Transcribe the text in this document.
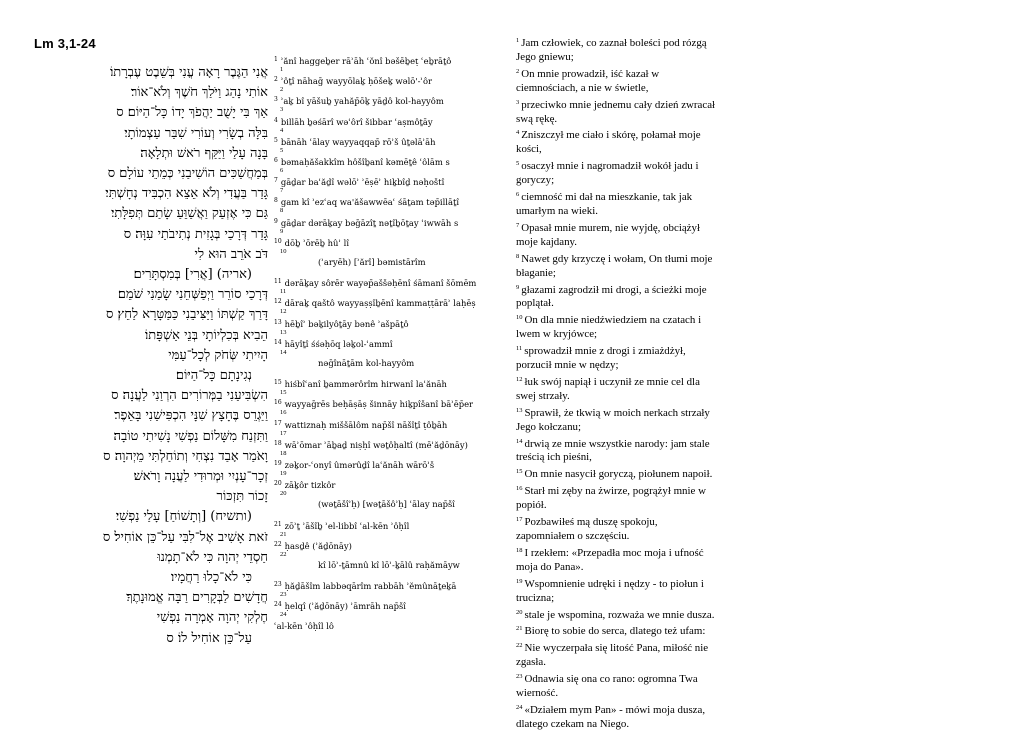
Lm 3,1-24
אֲנִי הַגֶּבֶר רָאָה עֳנִי בְּשֵׁבֶט עֶבְרָתוֹ׃ 1
אוֹתִי נָהַג וַיֹּלַךְ חֹשֶׁךְ וְלֹא־אוֹר׃ 2
אַךְ בִּי יָשֻׁב יַהֲפֹךְ יָדוֹ כָּל־הַיּוֹם׃ ס 3
בִּלָּה בְשָׂרִי וְעוֹרִי שִׁבַּר עַצְמוֹתָי׃ 4
בָּנָה עָלַי וַיַּקַּף רֹאשׁ וּתְלָאָה׃ 5
בְּמַחֲשַׁכִּים הוֹשִׁיבַנִי כְּמֵתֵי עוֹלָם׃ ס 6
גָּדַר בַּעֲדִי וְלֹא אֵצֵא הִכְבִּיד נְחָשְׁתִּי׃ 7
גַּם כִּי אֶזְעַק וַאֲשַׁוֵּעַ שָׂתַם תְּפִלָּתִי׃ 8
גָּדַר דְּרָכַי בְּגָזִית נְתִיבֹתַי עִוָּה׃ ס 9
דֹּב אֹרֵב הוּא לִי 10
(אריה) [אֲרִי] בְּמִסְתָּרִים׃
דְּרָכַי סוֹרֵר וַיְפַשְּׁחֵנִי שָׂמַנִי שֹׁמֵם׃ 11
דָּרַךְ קַשְׁתּוֹ וַיַּצִּיבֵנִי כַּמַּטָּרָא לַחֵץ׃ ס 12
הֵבִיא בְּכִלְיוֹתָי בְּנֵי אַשְׁפָּתוֹ׃ 13
הָיִיתִי שְּׂחֹק לְכָל־עַמִּי 14
נְגִינָתָם כָּל־הַיּוֹם׃
הִשְׂבִּיעַנִי בַמְּרוֹרִים הִרְוַנִי לַעֲנָה׃ ס 15
וַיַּגְרֵס בֶּחָצָץ שִׁנָּי הִכְפִּישַׁנִי בָּאֵפֶר׃ 16
וַתִּזְנַח מִשָּׁלוֹם נַפְשִׁי נָשִׁיתִי טוֹבָה׃ 17
וָאֹמַר אָבַד נִצְחִי וְתוֹחַלְתִּי מֵיְהוָה׃ ס 18
זְכָר־עָנְיִי וּמְרוּדִי לַעֲנָה וָרֹאשׁ׃ 19
זָכוֹר תִּזְכּוֹר 20
(ותשיח) [וְתָשׁוֹחַ] עָלַי נַפְשִׁי׃
זֹאת אָשִׁיב אֶל־לִבִּי עַל־כֵּן אוֹחִיל׃ ס 21
חַסְדֵי יְהוָה כִּי לֹא־תָמְנוּ 22
כִּי לֹא־כָלוּ רַחֲמָיו׃
חֲדָשִׁים לַבְּקָרִים רַבָּה אֱמוּנָתֶךָ׃ 23
חֶלְקִי יְהוָה אָמְרָה נַפְשִׁי 24
עַל־כֵּן אוֹחִיל לוֹ׃ ס
$^1$ ʾănî haggeḇer rāʾāh ʿŏnî bəšēḇeṭ ʿeḇrāṯô
$^2$ ʾôṯî nāhaḡ wayyōlaḵ ḥōšeḵ wəlō'-ʾôr
$^3$ ʾaḵ bî yāšuḇ yahăp̄ōḵ yāḏô kol-hayyôm
$^4$ billāh ḇəśārî wəʿôrî šibbar ʿaṣmôṯāy
$^5$ bānāh ʿālay wayyaqqap̄ rōʾš ûṯəlāʾāh
$^6$ bəmaḥăšakkîm hôšîḇanî kəmēṯê ʿôlām s
$^7$ gāḏar baʿăḏî wəlōʾ ʾēṣēʾ hiḵbîḏ nəḥoštî
$^8$ gam kî ʾezʿaq wa'ăšawwēaʿ śāṯam təp̄illāṯî
$^9$ gāḏar dərāḵay bəḡāzîṯ nəṯîḇōṯay ʿiwwāh s
$^{10}$ dōḇ ʾōrēḇ hûʾ lî
(ʾaryēh) [ʾărî] bəmistārîm
$^{11}$ dərāḵay sôrēr wayəp̄aššəḥēnî śāmanî šōmēm
$^{12}$ dāraḵ qaštô wayyaṣṣîḇēnî kammaṭṭārāʾ laḥēṣ
$^{13}$ hēḇîʾ bəḵilyôṯāy bənê ʾašpāṯô
$^{14}$ hāyîṯî śśəḥōq ləḵol-ʿammî
nəḡînāṯām kol-hayyôm
$^{15}$ hiśbîʿanî ḇammərôrîm hirwanî laʿănāh
$^{16}$ wayyaḡrēs beḥāṣāṣ šinnāy hiḵpîšanî bāʾēp̄er
$^{17}$ wattiznaḥ miššālôm nap̄šî nāšîṯî ṭôḇāh
$^{18}$ wāʾōmar ʾāḇaḏ niṣḥî wəṯôḥaltî (mēʾăḏōnāy)
$^{19}$ zəḵor-ʿonyî ûmərûḏî laʿănāh wārōʾš
$^{20}$ zāḵôr tizkôr
(wəṯāšîʾḥ) [wəṯāšôʾḥ] ʿālay nap̄šî
$^{21}$ zōʾṯ ʾāšîḇ ʾel-libbî ʿal-kēn ʾôḥîl
$^{22}$ ḥasḏê (ʾăḏōnāy)
kî lōʾ-ṯāmnû kî lōʾ-ḵālû raḥămāyw
$^{23}$ ḥăḏāšîm labbəqārîm rabbāh ʾĕmûnāṯeḵā
$^{24}$ ḥelqî (ʾăḏōnāy) ʾāmrāh nap̄šî
ʿal-kēn ʾôḥîl lô
$^1$ Jam człowiek, co zaznał boleści pod rózgą
Jego gniewu;
$^2$ On mnie prowadził, iść kazał w
ciemnościach, a nie w świetle,
$^3$ przeciwko mnie jednemu cały dzień zwracał
swą rękę.
$^4$ Zniszczył me ciało i skórę, połamał moje
kości,
$^5$ osaczył mnie i nagromadził wokół jadu i
goryczy;
$^6$ ciemność mi dał na mieszkanie, tak jak
umarłym na wieki.
$^7$ Opasał mnie murem, nie wyjdę, obciążył
moje kajdany.
$^8$ Nawet gdy krzyczę i wołam, On tłumi moje
błaganie;
$^9$ głazami zagrodził mi drogi, a ścieżki moje
poplątał.
$^{10}$ On dla mnie niedźwiedziem na czatach i
lwem w kryjówce;
$^{11}$ sprowadził mnie z drogi i zmiażdżył,
porzucił mnie w nędzy;
$^{12}$ łuk swój napiął i uczynił ze mnie cel dla
swej strzały.
$^{13}$ Sprawił, że tkwią w moich nerkach strzały
Jego kołczanu;
$^{14}$ drwią ze mnie wszystkie narody: jam stale
treścią ich pieśni,
$^{15}$ On mnie nasycił goryczą, piołunem napoił.
$^{16}$ Starł mi zęby na żwirze, pogrążył mnie w
popiół.
$^{17}$ Pozbawiłeś mą duszę spokoju,
zapomniałem o szczęściu.
$^{18}$ I rzekłem: «Przepadła moc moja i ufność
moja do Pana».
$^{19}$ Wspomnienie udręki i nędzy - to piołun i
trucizna;
$^{20}$ stale je wspomina, rozważa we mnie dusza.
$^{21}$ Biorę to sobie do serca, dlatego też ufam:
$^{22}$ Nie wyczerpała się litość Pana, miłość nie
zgasła.
$^{23}$ Odnawia się ona co rano: ogromna Twa
wierność.
$^{24}$ «Działem mym Pan» - mówi moja dusza,
dlatego czekam na Niego.
